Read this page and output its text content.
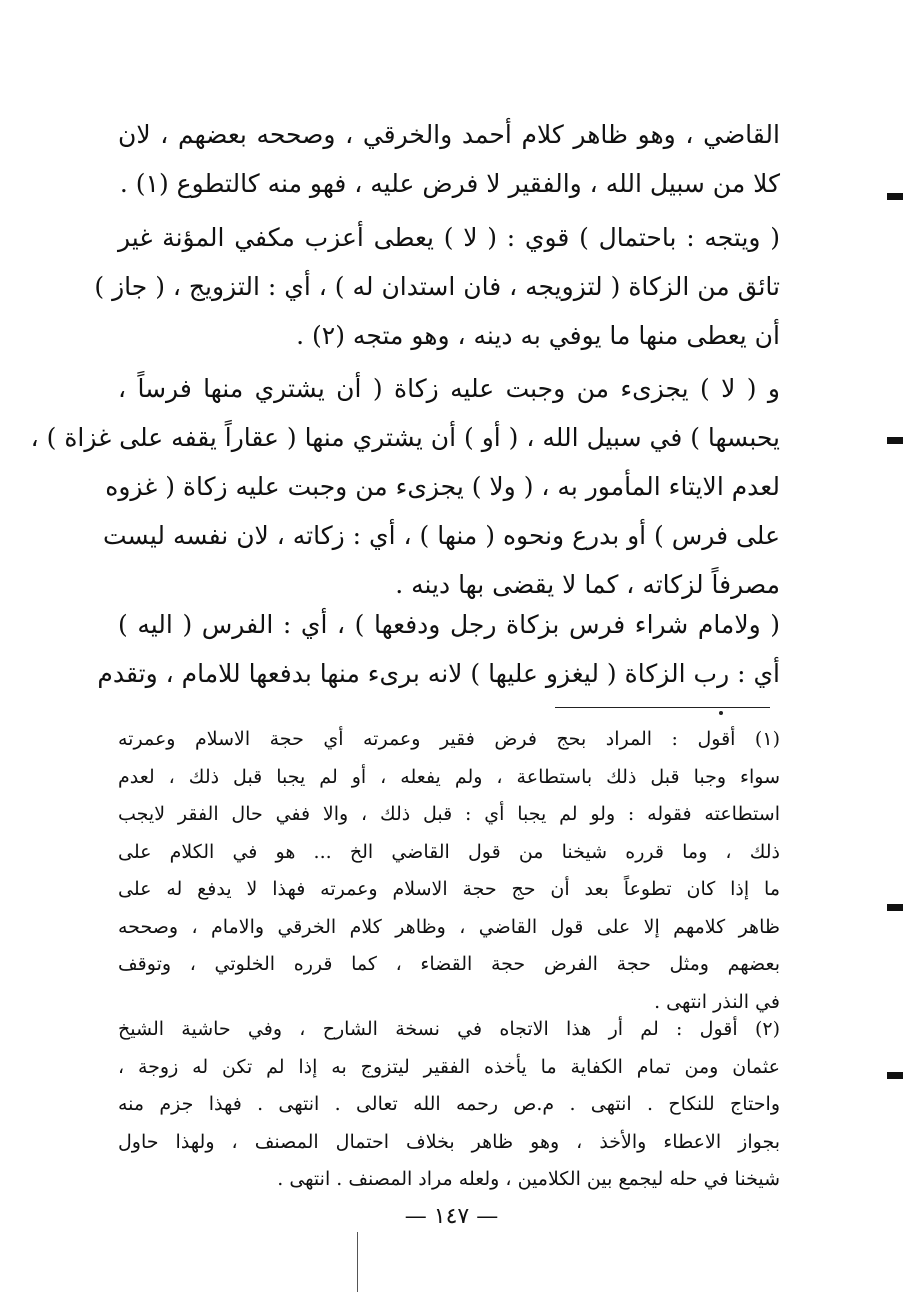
القاضي ، وهو ظاهر كلام أحمد والخرقي ، وصححه بعضهم ، لان
كلا من سبيل الله ، والفقير لا فرض عليه ، فهو منه كالتطوع (١) .
( ويتجه : باحتمال ) قوي : ( لا ) يعطى أعزب مكفي المؤنة غير
تائق من الزكاة ( لتزويجه ، فان استدان له ) ، أي : التزويج ، ( جاز )
أن يعطى منها ما يوفي به دينه ، وهو متجه (٢) .
و ( لا ) يجزىء من وجبت عليه زكاة ( أن يشتري منها فرساً ،
يحبسها ) في سبيل الله ، ( أو ) أن يشتري منها ( عقاراً يقفه على غزاة ) ،
لعدم الايتاء المأمور به ، ( ولا ) يجزىء من وجبت عليه زكاة ( غزوه
على فرس ) أو بدرع ونحوه ( منها ) ، أي : زكاته ، لان نفسه ليست
مصرفاً لزكاته ، كما لا يقضى بها دينه .
( ولامام شراء فرس بزكاة رجل ودفعها ) ، أي : الفرس ( اليه )
أي : رب الزكاة ( ليغزو عليها ) لانه برىء منها بدفعها للامام ، وتقدم
(١) أقول : المراد بحج فرض فقير وعمرته أي حجة الاسلام وعمرته
سواء وجبا قبل ذلك باستطاعة ، ولم يفعله ، أو لم يجبا قبل ذلك ، لعدم
استطاعته فقوله : ولو لم يجبا أي : قبل ذلك ، والا ففي حال الفقر لايجب
ذلك ، وما قرره شيخنا من قول القاضي الخ ... هو في الكلام على
ما إذا كان تطوعاً بعد أن حج حجة الاسلام وعمرته فهذا لا يدفع له على
ظاهر كلامهم إلا على قول القاضي ، وظاهر كلام الخرقي والامام ، وصححه
بعضهم ومثل حجة الفرض حجة القضاء ، كما قرره الخلوتي ، وتوقف
في النذر انتهى .
(٢) أقول : لم أر هذا الاتجاه في نسخة الشارح ، وفي حاشية الشيخ
عثمان ومن تمام الكفاية ما يأخذه الفقير ليتزوج به إذا لم تكن له زوجة ،
واحتاج للنكاح . انتهى . م.ص رحمه الله تعالى . انتهى . فهذا جزم منه
بجواز الاعطاء والأخذ ، وهو ظاهر بخلاف احتمال المصنف ، ولهذا حاول
شيخنا في حله ليجمع بين الكلامين ، ولعله مراد المصنف . انتهى .
— ١٤٧ —
